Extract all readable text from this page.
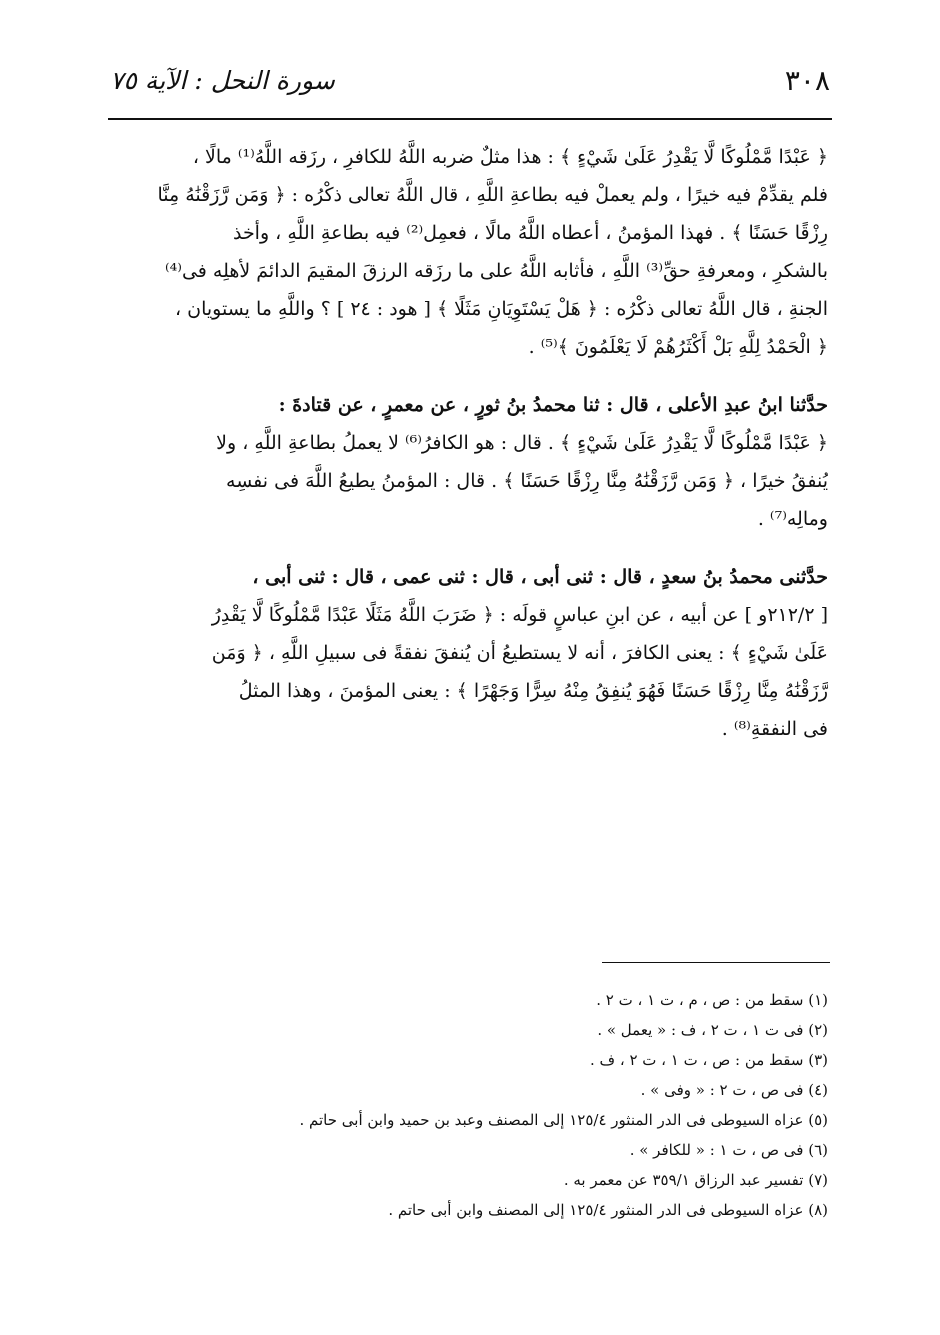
٣٠٨
سورة النحل : الآية ٧٥

﴿ عَبْدًا مَّمْلُوكًا لَّا يَقْدِرُ عَلَىٰ شَيْءٍ ﴾ : هذا مثلٌ ضربه اللَّهُ للكافرِ ، رزَقه اللَّهُ⁽¹⁾ مالًا ،
فلم يقدِّمْ فيه خيرًا ، ولم يعملْ فيه بطاعةِ اللَّهِ ، قال اللَّهُ تعالى ذكْرُه : ﴿ وَمَن رَّزَقْنَٰهُ مِنَّا
رِزْقًا حَسَنًا ﴾ . فهذا المؤمنُ ، أعطاه اللَّهُ مالًا ، فعمِل⁽²⁾ فيه بطاعةِ اللَّهِ ، وأخذ
بالشكرِ ، ومعرفةِ حقِّ⁽³⁾ اللَّهِ ، فأثابه اللَّهُ على ما رزَقه الرزقَ المقيمَ الدائمَ لأهلِه فى⁽⁴⁾
الجنةِ ، قال اللَّهُ تعالى ذكْرُه : ﴿ هَلْ يَسْتَوِيَانِ مَثَلًا ﴾ [ هود : ٢٤ ] ؟ واللَّهِ ما يستويان ،
﴿ الْحَمْدُ لِلَّهِ بَلْ أَكْثَرُهُمْ لَا يَعْلَمُونَ ﴾⁽⁵⁾ .

حدَّثنا ابنُ عبدِ الأعلى ، قال : ثنا محمدُ بنُ ثورٍ ، عن معمرٍ ، عن قتادةَ :
﴿ عَبْدًا مَّمْلُوكًا لَّا يَقْدِرُ عَلَىٰ شَيْءٍ ﴾ . قال : هو الكافرُ⁽⁶⁾ لا يعملُ بطاعةِ اللَّهِ ، ولا
يُنفقُ خيرًا ، ﴿ وَمَن رَّزَقْنَٰهُ مِنَّا رِزْقًا حَسَنًا ﴾ . قال : المؤمنُ يطيعُ اللَّهَ فى نفسِه
ومالِه⁽⁷⁾ .

حدَّثنى محمدُ بنُ سعدٍ ، قال : ثنى أبى ، قال : ثنى عمى ، قال : ثنى أبى ،
[ ٢١٢/٢و ] عن أبيه ، عن ابنِ عباسٍ قولَه : ﴿ ضَرَبَ اللَّهُ مَثَلًا عَبْدًا مَّمْلُوكًا لَّا يَقْدِرُ
عَلَىٰ شَيْءٍ ﴾ : يعنى الكافرَ ، أنه لا يستطيعُ أن يُنفقَ نفقةً فى سبيلِ اللَّهِ ، ﴿ وَمَن
رَّزَقْنَٰهُ مِنَّا رِزْقًا حَسَنًا فَهُوَ يُنفِقُ مِنْهُ سِرًّا وَجَهْرًا ﴾ : يعنى المؤمنَ ، وهذا المثلُ
فى النفقةِ⁽⁸⁾ .

(١) سقط من : ص ، م ، ت ١ ، ت ٢ .
(٢) فى ت ١ ، ت ٢ ، ف : « يعمل » .
(٣) سقط من : ص ، ت ١ ، ت ٢ ، ف .
(٤) فى ص ، ت ٢ : « وفى » .
(٥) عزاه السيوطى فى الدر المنثور ١٢٥/٤ إلى المصنف وعبد بن حميد وابن أبى حاتم .
(٦) فى ص ، ت ١ : « للكافر » .
(٧) تفسير عبد الرزاق ٣٥٩/١ عن معمر به .
(٨) عزاه السيوطى فى الدر المنثور ١٢٥/٤ إلى المصنف وابن أبى حاتم .
